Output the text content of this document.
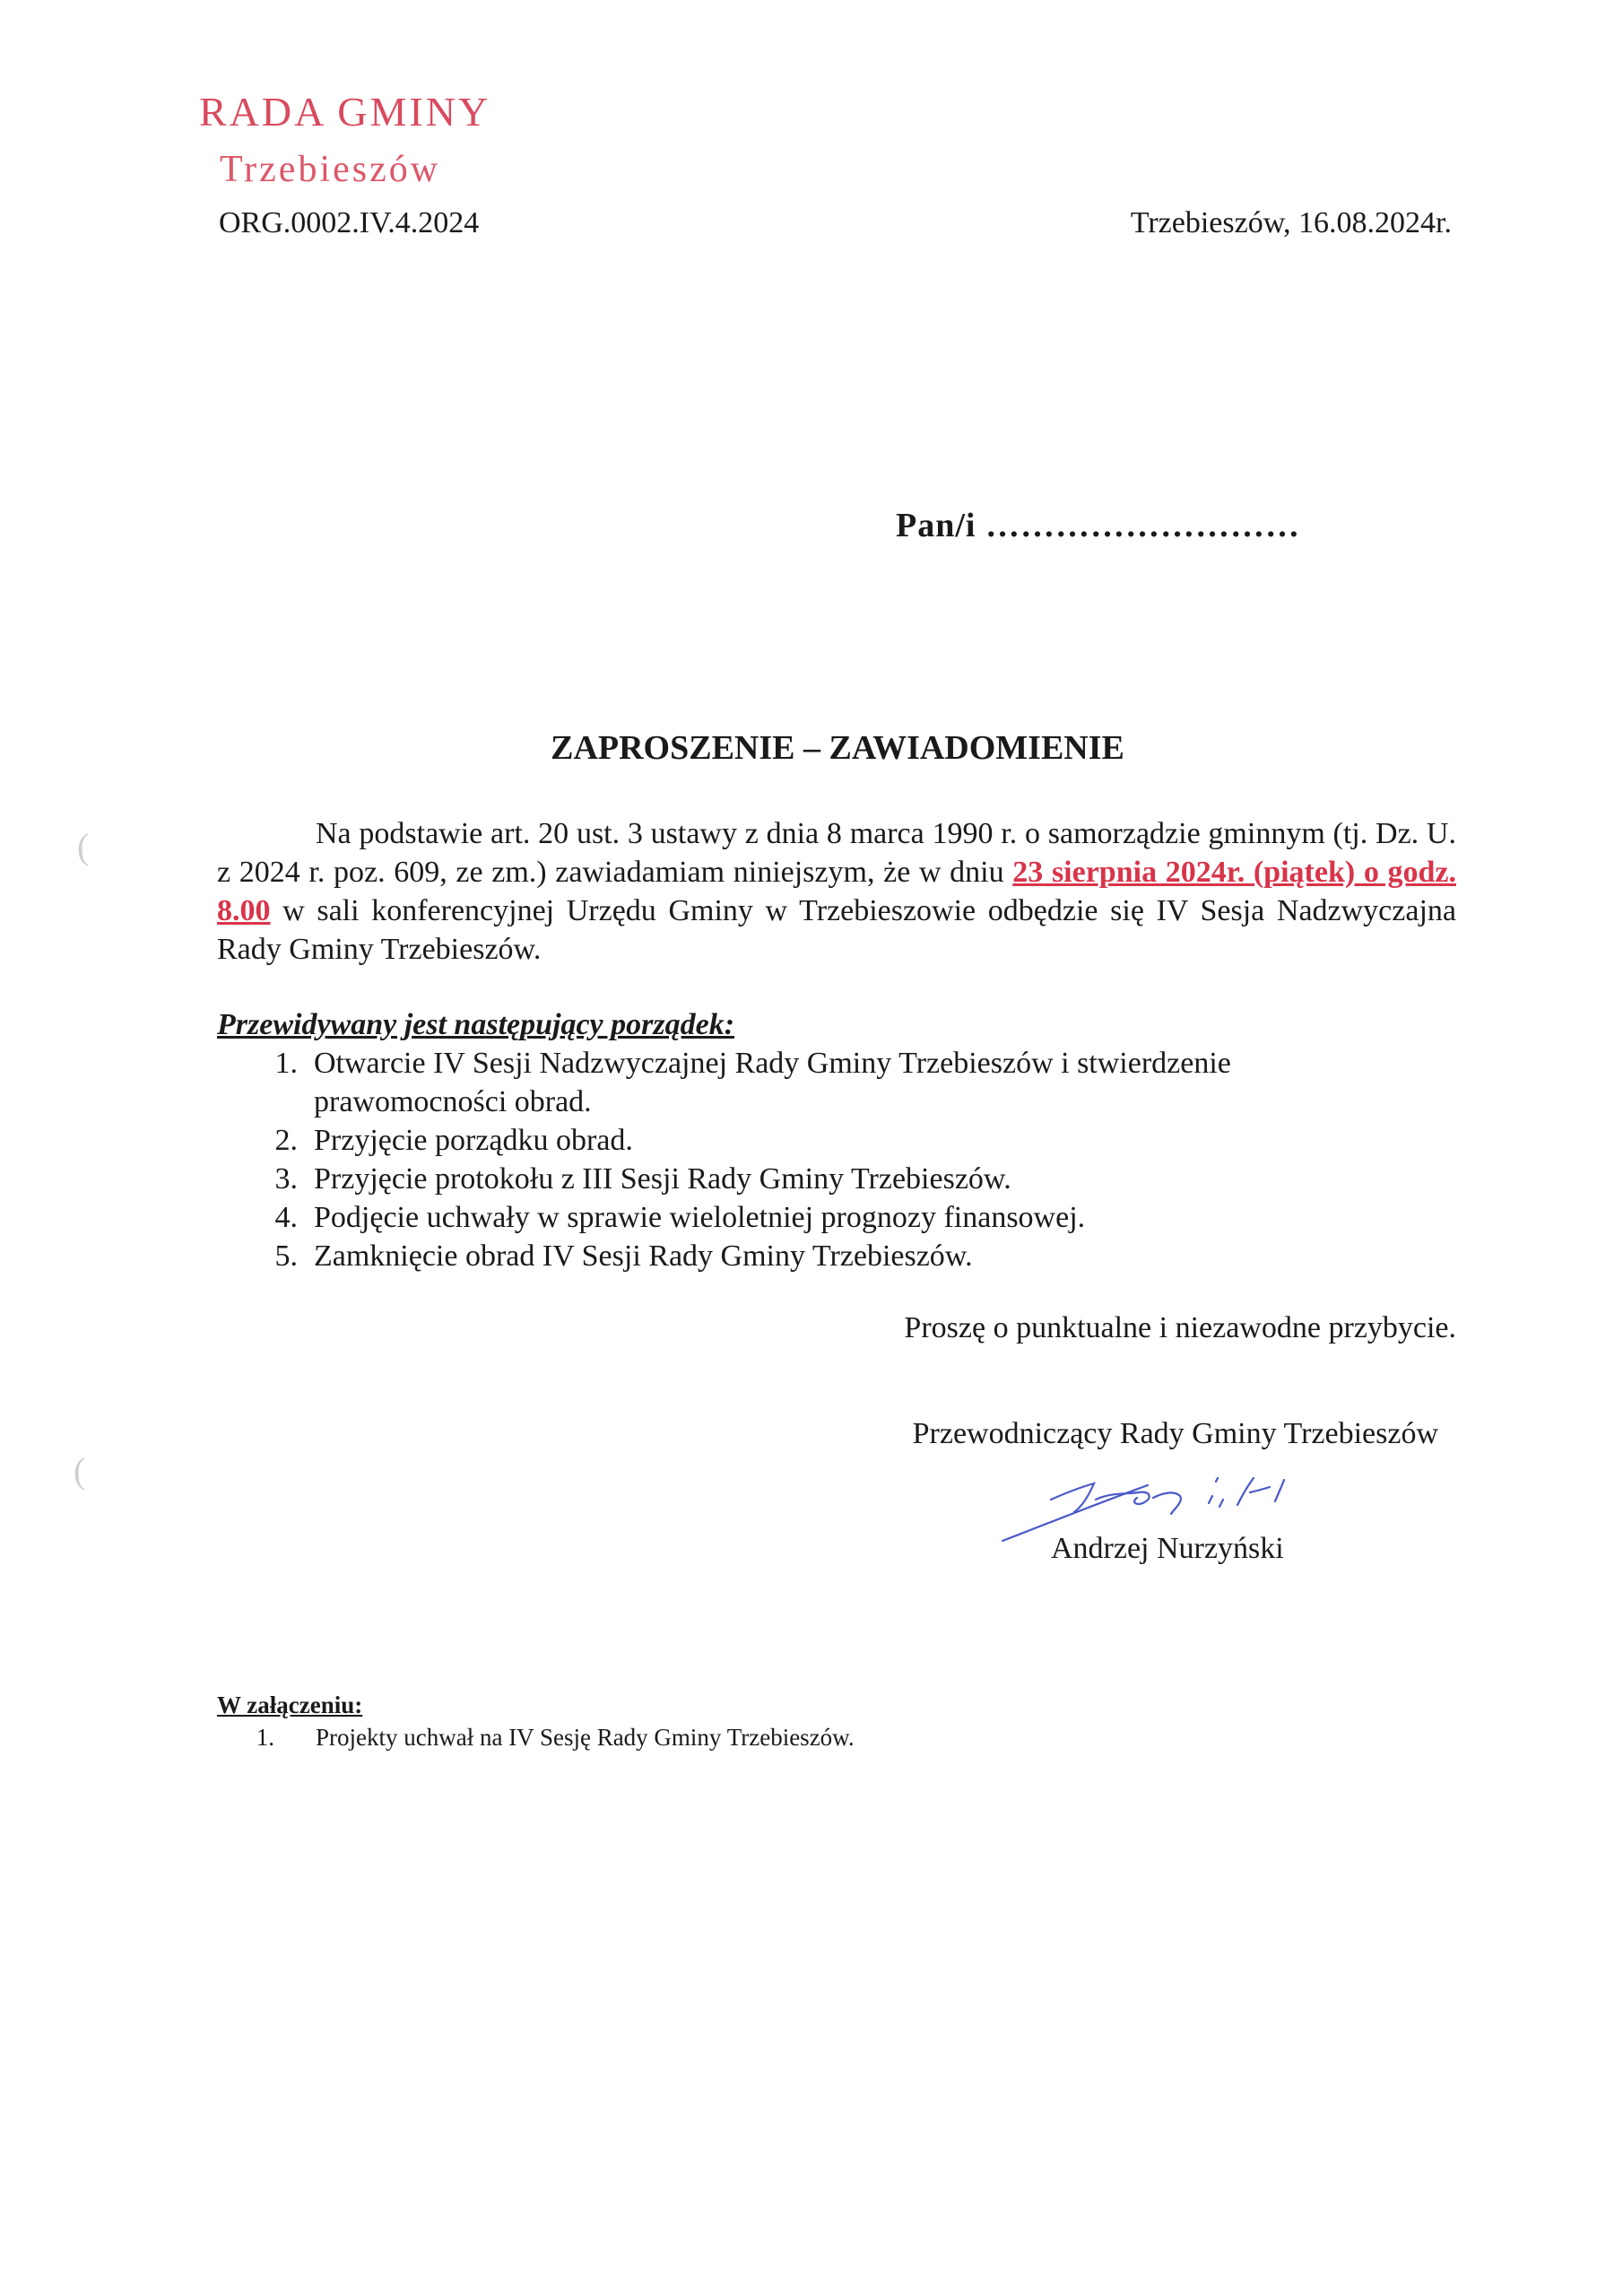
RADA GMINY
Trzebieszów
ORG.0002.IV.4.2024	Trzebieszów, 16.08.2024r.
Pan/i ………………………
ZAPROSZENIE – ZAWIADOMIENIE

Na podstawie art. 20 ust. 3 ustawy z dnia 8 marca 1990 r. o samorządzie gminnym (tj. Dz. U. z 2024 r. poz. 609, ze zm.) zawiadamiam niniejszym, że w dniu 23 sierpnia 2024r. (piątek) o godz. 8.00 w sali konferencyjnej Urzędu Gminy w Trzebieszowie odbędzie się IV Sesja Nadzwyczajna Rady Gminy Trzebieszów.

Przewidywany jest następujący porządek:
1. Otwarcie IV Sesji Nadzwyczajnej Rady Gminy Trzebieszów i stwierdzenie prawomocności obrad.
2. Przyjęcie porządku obrad.
3. Przyjęcie protokołu z III Sesji Rady Gminy Trzebieszów.
4. Podjęcie uchwały w sprawie wieloletniej prognozy finansowej.
5. Zamknięcie obrad IV Sesji Rady Gminy Trzebieszów.
Proszę o punktualne i niezawodne przybycie.
Przewodniczący Rady Gminy Trzebieszów
Andrzej Nurzyński
W załączeniu:
1. Projekty uchwał na IV Sesję Rady Gminy Trzebieszów.
(
(
